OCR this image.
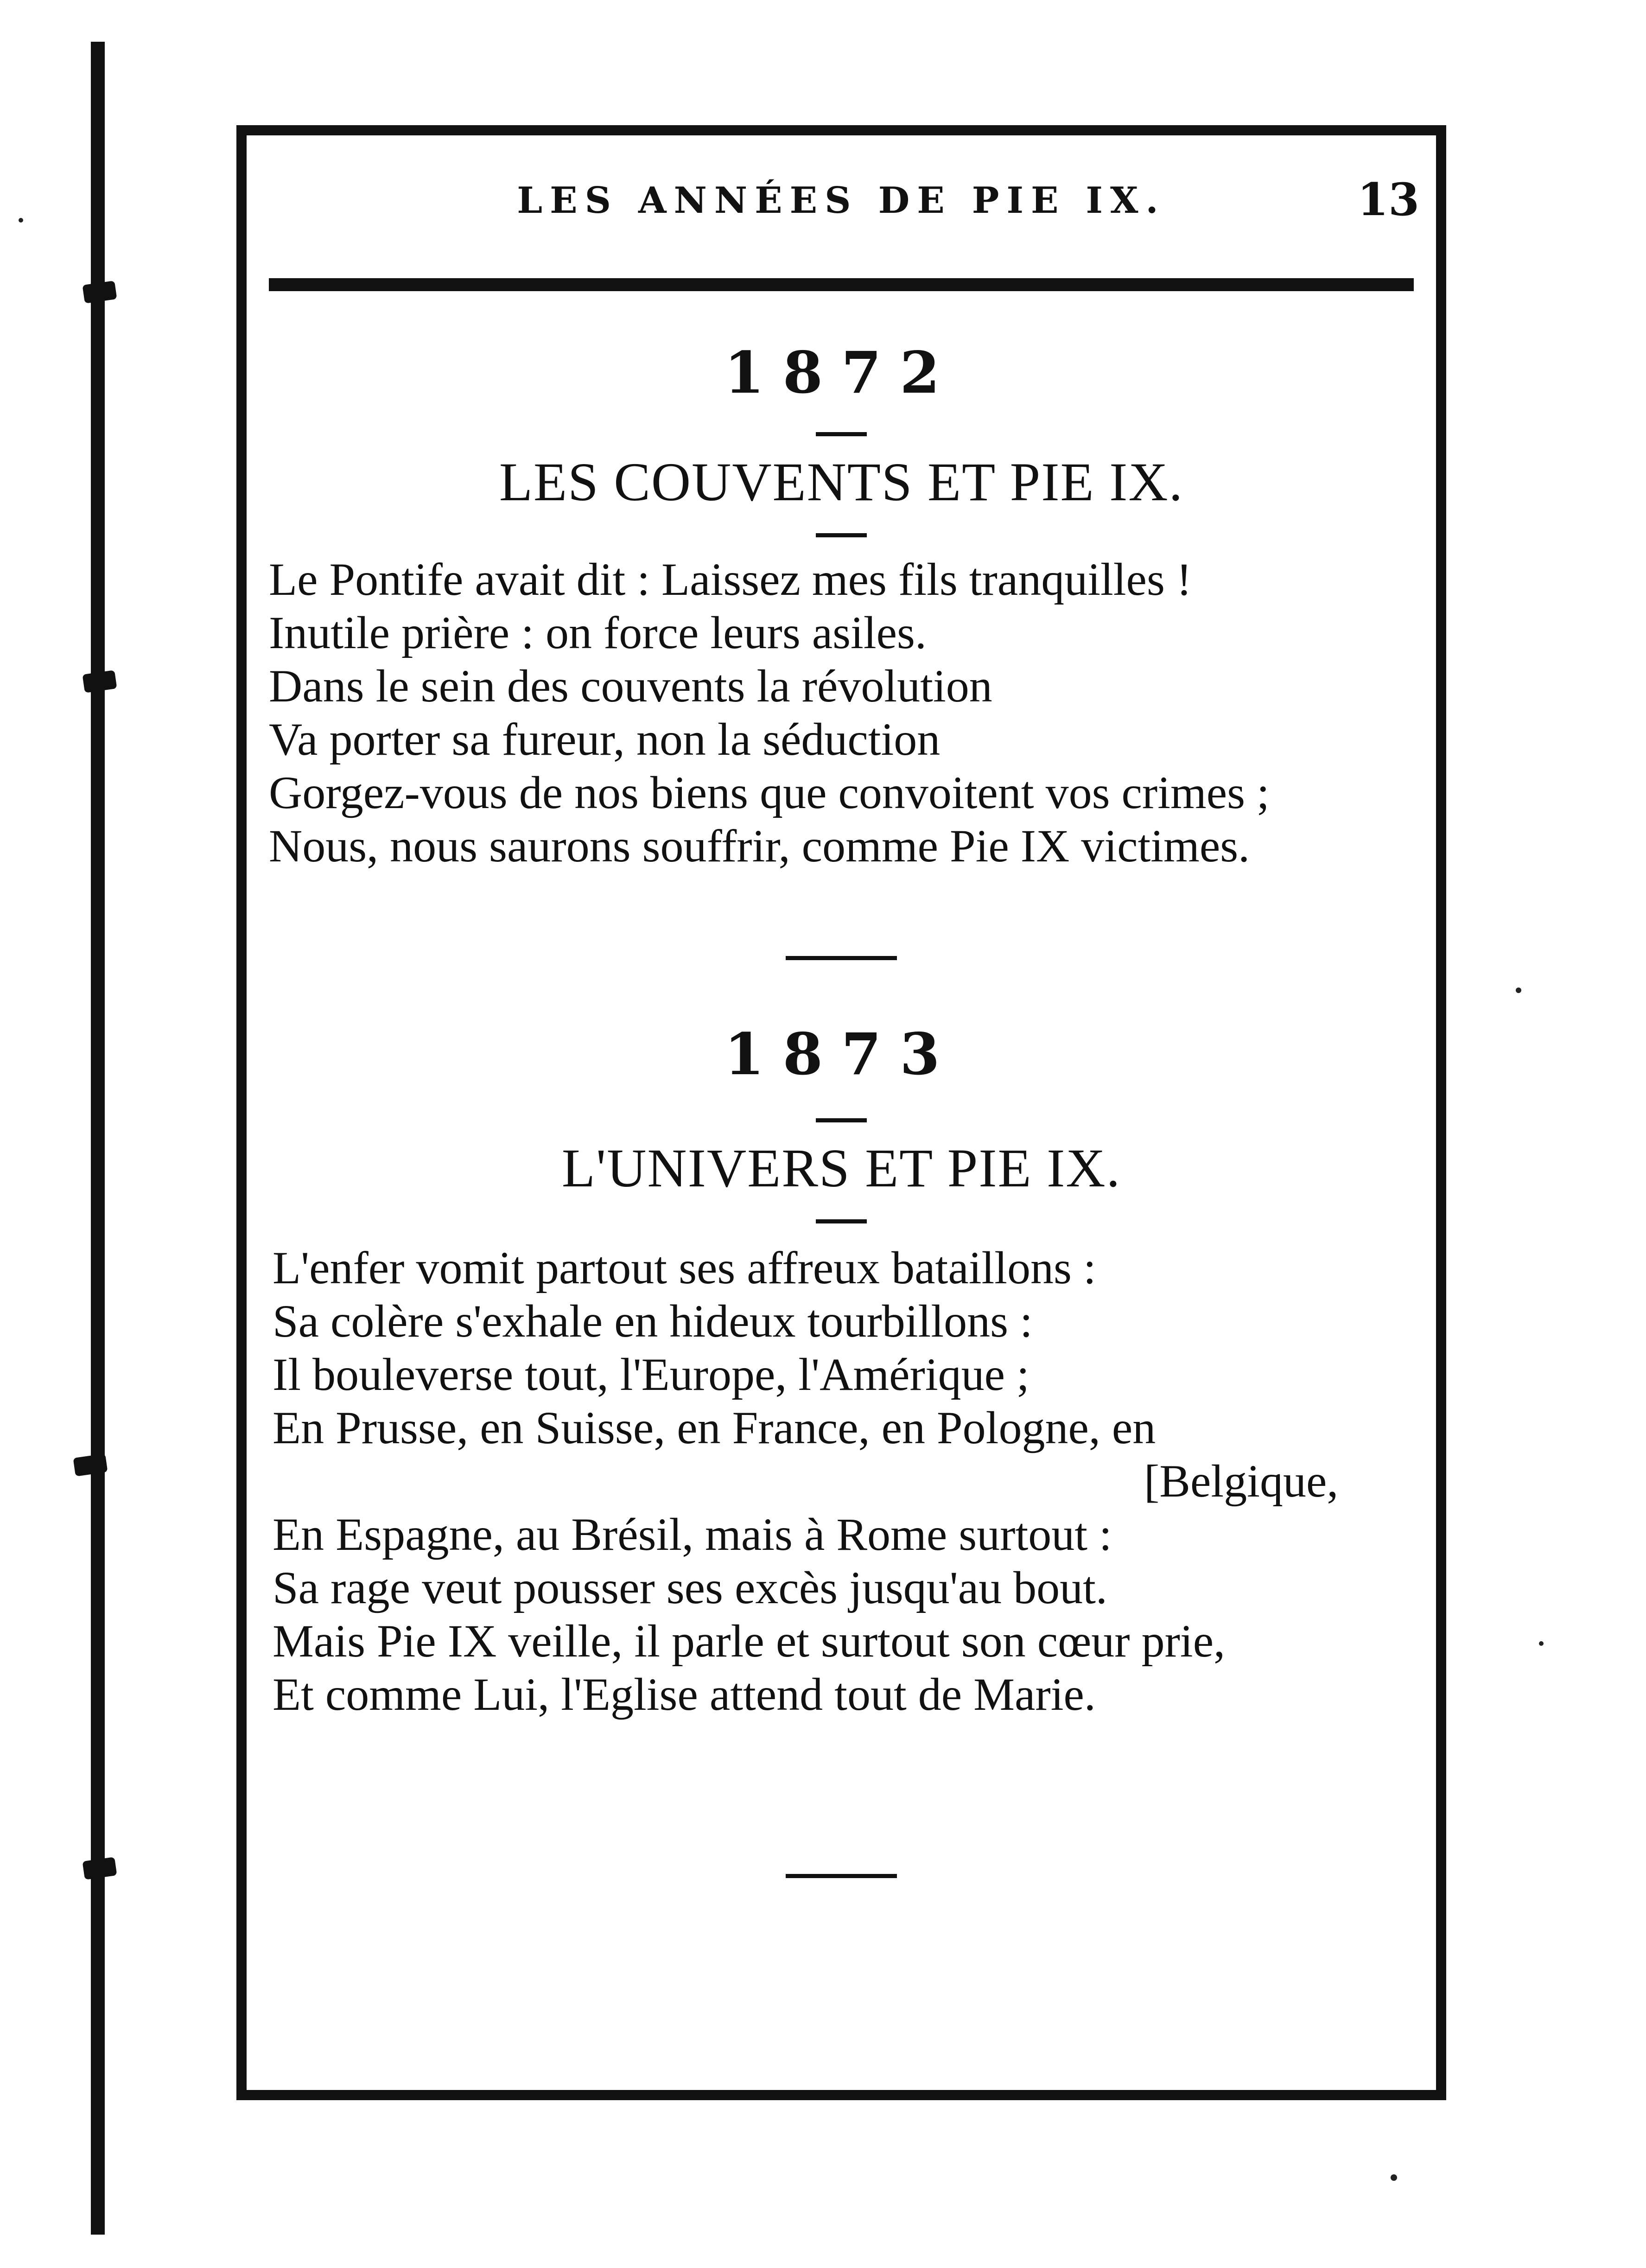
LES ANNÉES DE PIE IX.	13
1872
LES COUVENTS ET PIE IX.
Le Pontife avait dit : Laissez mes fils tranquilles !
Inutile prière : on force leurs asiles.
Dans le sein des couvents la révolution
Va porter sa fureur, non la séduction
Gorgez-vous de nos biens que convoitent vos crimes ;
Nous, nous saurons souffrir, comme Pie IX victimes.
1873
L'UNIVERS ET PIE IX.
L'enfer vomit partout ses affreux bataillons :
Sa colère s'exhale en hideux tourbillons :
Il bouleverse tout, l'Europe, l'Amérique ;
En Prusse, en Suisse, en France, en Pologne, en
[Belgique,
En Espagne, au Brésil, mais à Rome surtout :
Sa rage veut pousser ses excès jusqu'au bout.
Mais Pie IX veille, il parle et surtout son cœur prie,
Et comme Lui, l'Eglise attend tout de Marie.
